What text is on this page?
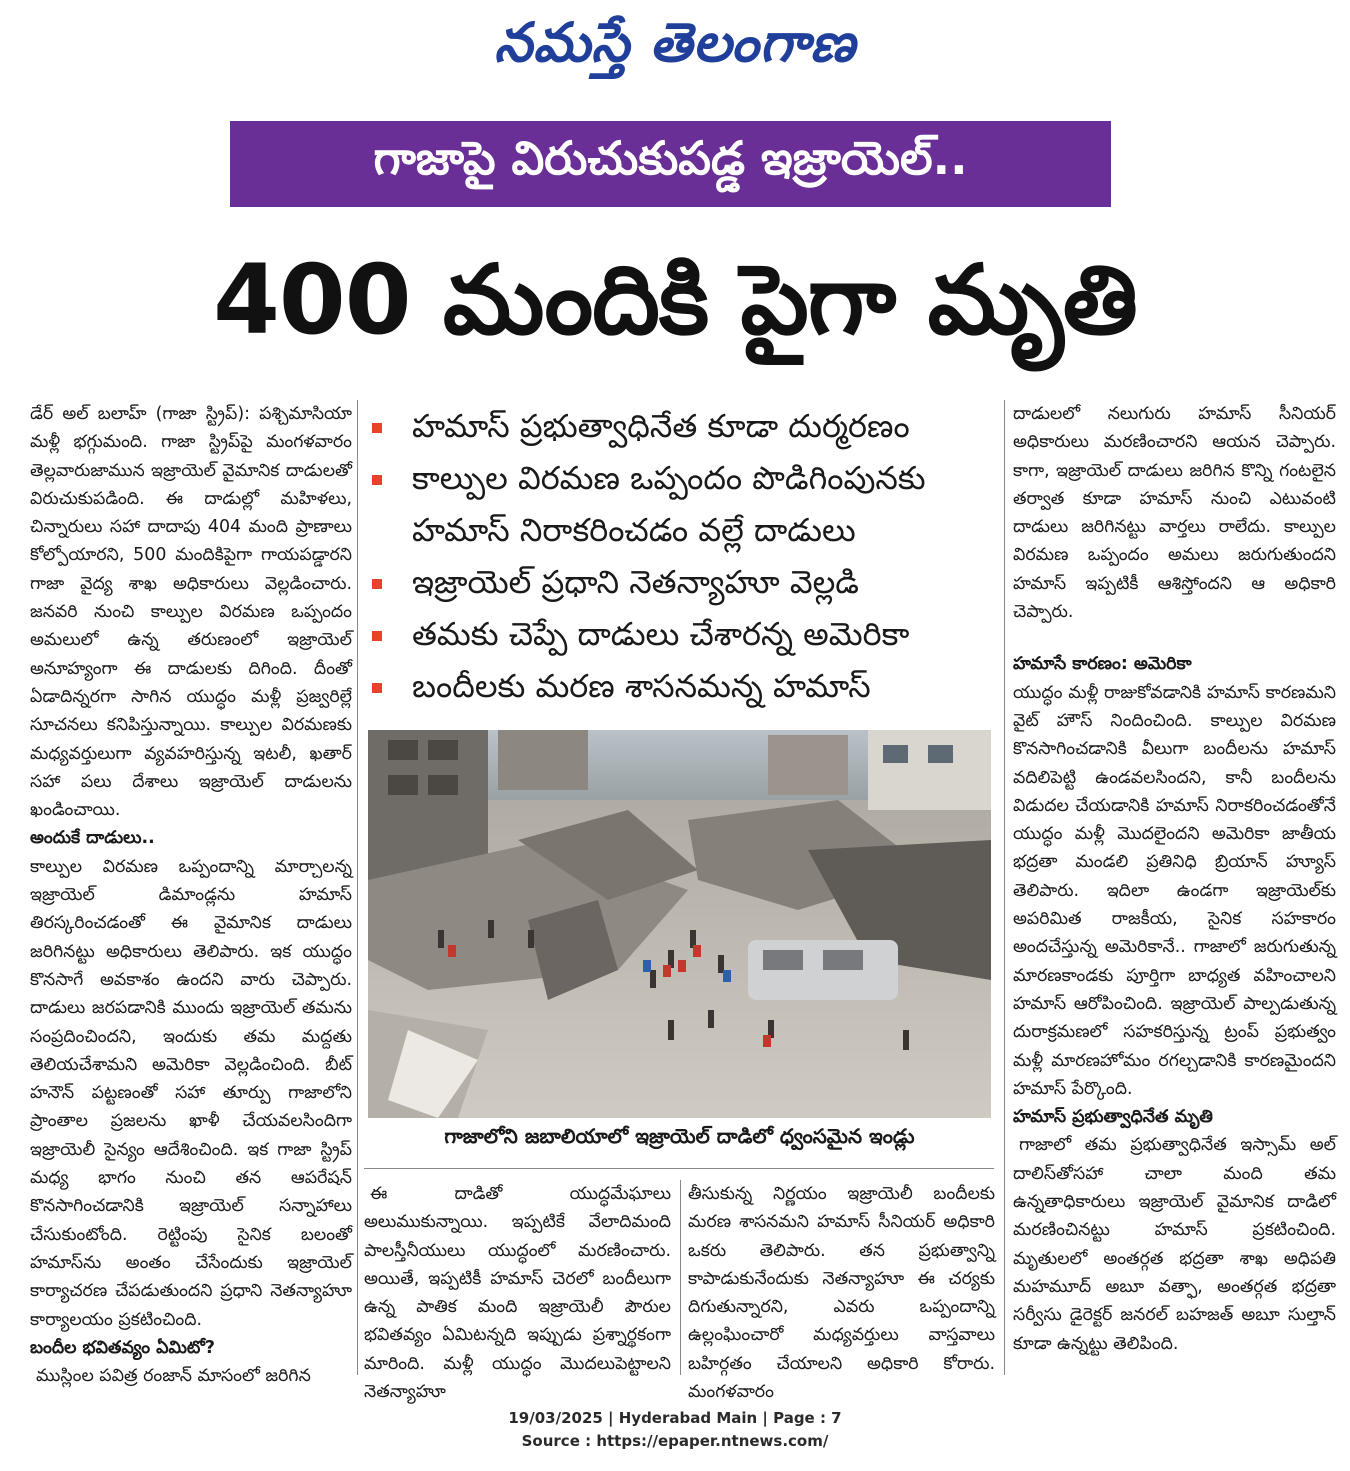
నమస్తే తెలంగాణ
గాజాపై విరుచుకుపడ్డ ఇజ్రాయెల్..
400 మందికి పైగా మృతి

డేర్ అల్ బలాహ్ (గాజా స్ట్రిప్): పశ్చిమాసియా మళ్లీ భగ్గుమంది. గాజా స్ట్రిప్‌పై మంగళవారం తెల్లవారుజామున ఇజ్రాయెల్ వైమానిక దాడులతో విరుచుకుపడింది. ఈ దాడుల్లో మహిళలు, చిన్నారులు సహా దాదాపు 404 మంది ప్రాణాలు కోల్పోయారని, 500 మందికిపైగా గాయపడ్డారని గాజా వైద్య శాఖ అధికారులు వెల్లడించారు. జనవరి నుంచి కాల్పుల విరమణ ఒప్పందం అమలులో ఉన్న తరుణంలో ఇజ్రాయెల్ అనూహ్యంగా ఈ దాడులకు దిగింది. దీంతో ఏడాదిన్నరగా సాగిన యుద్ధం మళ్లీ ప్రజ్వరిల్లే సూచనలు కనిపిస్తున్నాయి. కాల్పుల విరమణకు మధ్యవర్తులుగా వ్యవహరిస్తున్న ఇటలీ, ఖతార్ సహా పలు దేశాలు ఇజ్రాయెల్ దాడులను ఖండించాయి.

అందుకే దాడులు..

కాల్పుల విరమణ ఒప్పందాన్ని మార్చాలన్న ఇజ్రాయెల్ డిమాండ్లను హమాస్ తిరస్కరించడంతో ఈ వైమానిక దాడులు జరిగినట్టు అధికారులు తెలిపారు. ఇక యుద్ధం కొనసాగే అవకాశం ఉందని వారు చెప్పారు. దాడులు జరపడానికి ముందు ఇజ్రాయెల్ తమను సంప్రదించిందని, ఇందుకు తమ మద్దతు తెలియచేశామని అమెరికా వెల్లడించింది. బీట్ హనౌన్ పట్టణంతో సహా తూర్పు గాజాలోని ప్రాంతాల ప్రజలను ఖాళీ చేయవలసిందిగా ఇజ్రాయెలీ సైన్యం ఆదేశించింది. ఇక గాజా స్ట్రిప్ మధ్య భాగం నుంచి తన ఆపరేషన్ కొనసాగించడానికి ఇజ్రాయెల్ సన్నాహాలు చేసుకుంటోంది. రెట్టింపు సైనిక బలంతో హమాస్‌ను అంతం చేసేందుకు ఇజ్రాయెల్ కార్యాచరణ చేపడుతుందని ప్రధాని నెతన్యాహూ కార్యాలయం ప్రకటించింది.

బందీల భవితవ్యం ఏమిటో?

ముస్లింల పవిత్ర రంజాన్ మాసంలో జరిగిన

హమాస్ ప్రభుత్వాధినేత కూడా దుర్మరణం
కాల్పుల విరమణ ఒప్పందం పొడిగింపునకు హమాస్ నిరాకరించడం వల్లే దాడులు
ఇజ్రాయెల్ ప్రధాని నెతన్యాహూ వెల్లడి
తమకు చెప్పే దాడులు చేశారన్న అమెరికా
బందీలకు మరణ శాసనమన్న హమాస్
గాజాలోని జబాలియాలో ఇజ్రాయెల్ దాడిలో ధ్వంసమైన ఇండ్లు

ఈ దాడితో యుద్ధమేఘాలు అలుముకున్నాయి. ఇప్పటికే వేలాదిమంది పాలస్తీనీయులు యుద్ధంలో మరణించారు. అయితే, ఇప్పటికీ హమాస్ చెరలో బందీలుగా ఉన్న పాతిక మంది ఇజ్రాయెలీ పౌరుల భవితవ్యం ఏమిటన్నది ఇప్పుడు ప్రశ్నార్థకంగా మారింది. మళ్లీ యుద్ధం మొదలుపెట్టాలని నెతన్యాహూ

తీసుకున్న నిర్ణయం ఇజ్రాయెలీ బందీలకు మరణ శాసనమని హమాస్ సీనియర్ అధికారి ఒకరు తెలిపారు. తన ప్రభుత్వాన్ని కాపాడుకునేందుకు నెతన్యాహూ ఈ చర్యకు దిగుతున్నారని, ఎవరు ఒప్పందాన్ని ఉల్లంఘించారో మధ్యవర్తులు వాస్తవాలు బహిర్గతం చేయాలని అధికారి కోరారు. మంగళవారం

దాడులలో నలుగురు హమాస్ సీనియర్ అధికారులు మరణించారని ఆయన చెప్పారు. కాగా, ఇజ్రాయెల్ దాడులు జరిగిన కొన్ని గంటలైన తర్వాత కూడా హమాస్ నుంచి ఎటువంటి దాడులు జరిగినట్టు వార్తలు రాలేదు. కాల్పుల విరమణ ఒప్పందం అమలు జరుగుతుందని హమాస్ ఇప్పటికీ ఆశిస్తోందని ఆ అధికారి చెప్పారు.

హమాసే కారణం: అమెరికా

యుద్ధం మళ్లీ రాజుకోవడానికి హమాస్ కారణమని వైట్ హౌస్ నిందించింది. కాల్పుల విరమణ కొనసాగించడానికి వీలుగా బందీలను హమాస్ వదిలిపెట్టి ఉండవలసిందని, కానీ బందీలను విడుదల చేయడానికి హమాస్ నిరాకరించడంతోనే యుద్ధం మళ్లీ మొదలైందని అమెరికా జాతీయ భద్రతా మండలి ప్రతినిధి బ్రియాన్ హ్యూస్ తెలిపారు. ఇదిలా ఉండగా ఇజ్రాయెల్‌కు అపరిమిత రాజకీయ, సైనిక సహకారం అందచేస్తున్న అమెరికానే.. గాజాలో జరుగుతున్న మారణకాండకు పూర్తిగా బాధ్యత వహించాలని హమాస్ ఆరోపించింది. ఇజ్రాయెల్ పాల్పడుతున్న దురాక్రమణలో సహకరిస్తున్న ట్రంప్ ప్రభుత్వం మళ్లీ మారణహోమం రగల్చడానికి కారణమైందని హమాస్ పేర్కొంది.

హమాస్ ప్రభుత్వాధినేత మృతి

గాజాలో తమ ప్రభుత్వాధినేత ఇస్సామ్ అల్ దాలిస్‌తోసహా చాలా మంది తమ ఉన్నతాధికారులు ఇజ్రాయెల్ వైమానిక దాడిలో మరణించినట్టు హమాస్ ప్రకటించింది. మృతులలో అంతర్గత భద్రతా శాఖ అధిపతి మహమూద్ అబూ వత్ఫా, అంతర్గత భద్రతా సర్వీసు డైరెక్టర్ జనరల్ బహజత్ అబూ సుల్తాన్ కూడా ఉన్నట్టు తెలిపింది.

19/03/2025 | Hyderabad Main | Page : 7
Source : https://epaper.ntnews.com/
